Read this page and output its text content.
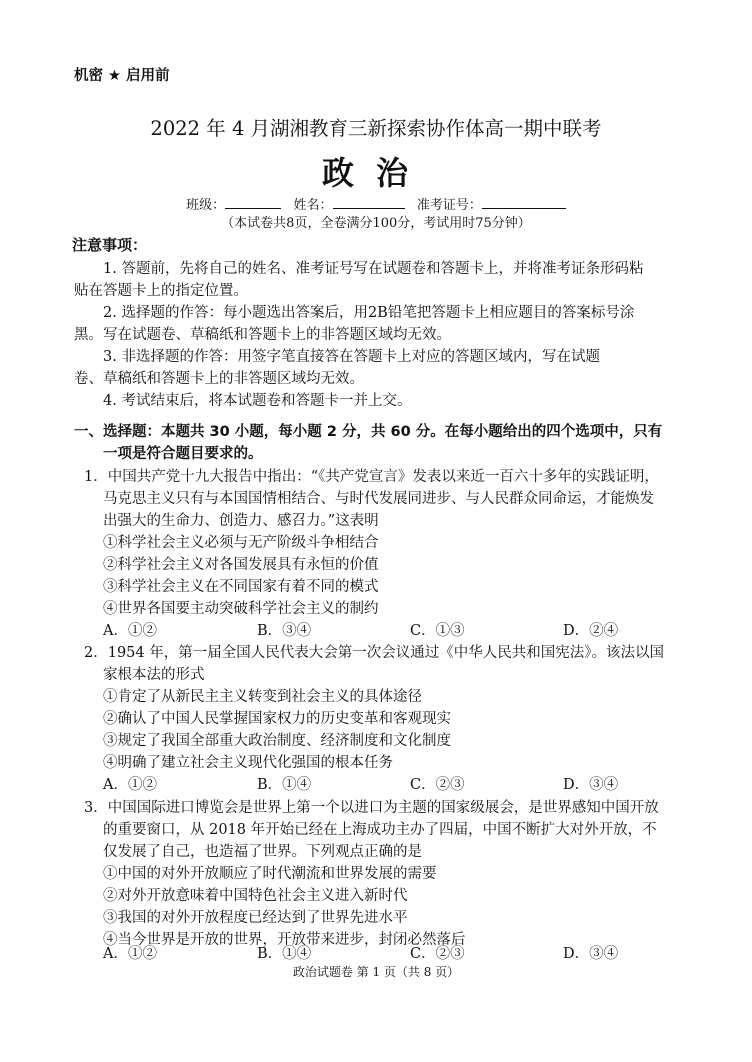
机密 ★ 启用前
2022 年 4 月湖湘教育三新探索协作体高一期中联考
政治
班级：	姓名：	准考证号：
（本试卷共8页，全卷满分100分，考试用时75分钟）
注意事项：
1. 答题前，先将自己的姓名、准考证号写在试题卷和答题卡上，并将准考证条形码粘
贴在答题卡上的指定位置。
2. 选择题的作答：每小题选出答案后，用2B铅笔把答题卡上相应题目的答案标号涂
黑。写在试题卷、草稿纸和答题卡上的非答题区域均无效。
3. 非选择题的作答：用签字笔直接答在答题卡上对应的答题区域内，写在试题
卷、草稿纸和答题卡上的非答题区域均无效。
4. 考试结束后，将本试题卷和答题卡一并上交。
一、选择题：本题共 30 小题，每小题 2 分，共 60 分。在每小题给出的四个选项中，只有
一项是符合题目要求的。
1．中国共产党十九大报告中指出：“《共产党宣言》发表以来近一百六十多年的实践证明，
马克思主义只有与本国国情相结合、与时代发展同进步、与人民群众同命运，才能焕发
出强大的生命力、创造力、感召力。”这表明
①科学社会主义必须与无产阶级斗争相结合
②科学社会主义对各国发展具有永恒的价值
③科学社会主义在不同国家有着不同的模式
④世界各国要主动突破科学社会主义的制约
A．①②	B．③④	C．①③	D．②④
2．1954 年，第一届全国人民代表大会第一次会议通过《中华人民共和国宪法》。该法以国
家根本法的形式
①肯定了从新民主主义转变到社会主义的具体途径
②确认了中国人民掌握国家权力的历史变革和客观现实
③规定了我国全部重大政治制度、经济制度和文化制度
④明确了建立社会主义现代化强国的根本任务
A．①②	B．①④	C．②③	D．③④
3．中国国际进口博览会是世界上第一个以进口为主题的国家级展会，是世界感知中国开放
的重要窗口，从 2018 年开始已经在上海成功主办了四届，中国不断扩大对外开放，不
仅发展了自己，也造福了世界。下列观点正确的是
①中国的对外开放顺应了时代潮流和世界发展的需要
②对外开放意味着中国特色社会主义进入新时代
③我国的对外开放程度已经达到了世界先进水平
④当今世界是开放的世界，开放带来进步，封闭必然落后
A．①②	B．①④	C．②③	D．③④
政治试题卷 第 1 页（共 8 页）
